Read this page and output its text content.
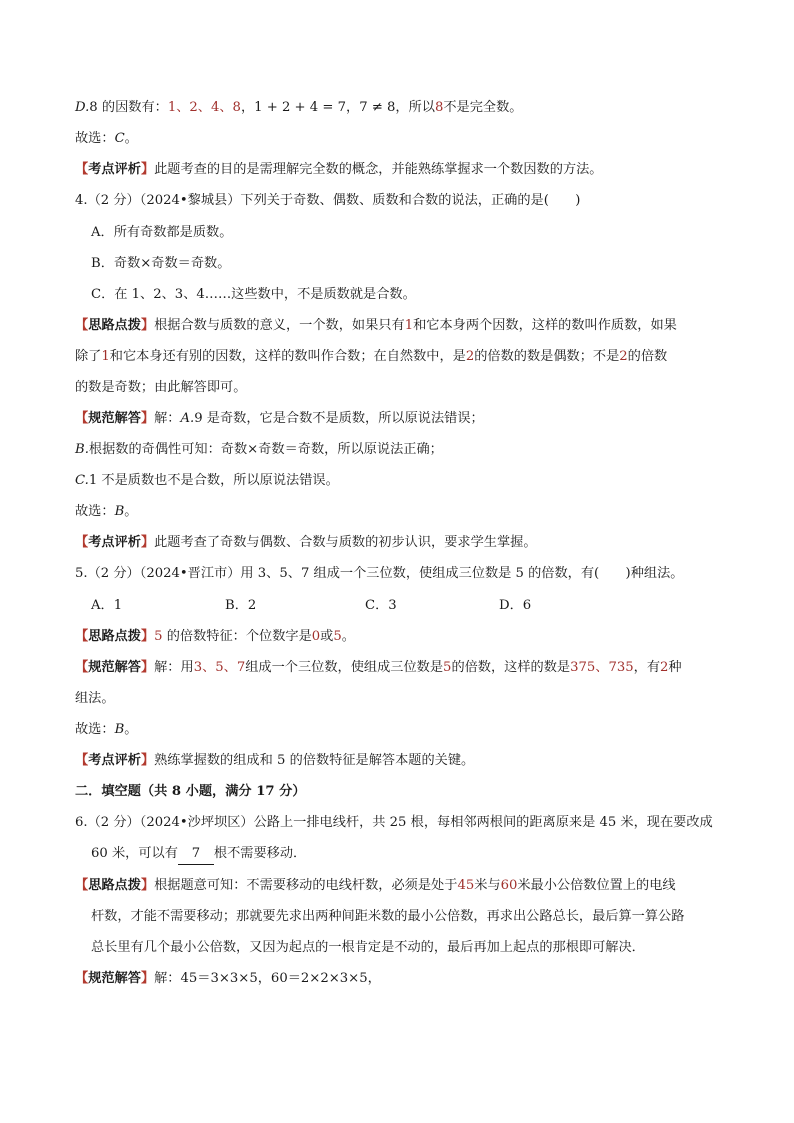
D.8 的因数有：1、2、4、8，1 + 2 + 4 = 7，7 ≠ 8，所以8不是完全数。

故选：C。

【考点评析】此题考查的目的是需理解完全数的概念，并能熟练掌握求一个数因数的方法。

4.（2 分）（2024•黎城县）下列关于奇数、偶数、质数和合数的说法，正确的是(　　)

A．所有奇数都是质数。

B．奇数×奇数＝奇数。

C．在 1、2、3、4……这些数中，不是质数就是合数。

【思路点拨】根据合数与质数的意义，一个数，如果只有1和它本身两个因数，这样的数叫作质数，如果

除了1和它本身还有别的因数，这样的数叫作合数；在自然数中，是2的倍数的数是偶数；不是2的倍数

的数是奇数；由此解答即可。

【规范解答】解：A.9 是奇数，它是合数不是质数，所以原说法错误；

B.根据数的奇偶性可知：奇数×奇数＝奇数，所以原说法正确；

C.1 不是质数也不是合数，所以原说法错误。

故选：B。

【考点评析】此题考查了奇数与偶数、合数与质数的初步认识，要求学生掌握。

5.（2 分）（2024•晋江市）用 3、5、7 组成一个三位数，使组成三位数是 5 的倍数，有(　　)种组法。

A．1	B．2	C．3	D．6

【思路点拨】5 的倍数特征：个位数字是0或5。

【规范解答】解：用3、5、7组成一个三位数，使组成三位数是5的倍数，这样的数是375、735，有2种

组法。

故选：B。

【考点评析】熟练掌握数的组成和 5 的倍数特征是解答本题的关键。

二．填空题（共 8 小题，满分 17 分）

6.（2 分）（2024•沙坪坝区）公路上一排电线杆，共 25 根，每相邻两根间的距离原来是 45 米，现在要改成

60 米，可以有 7 根不需要移动．

【思路点拨】根据题意可知：不需要移动的电线杆数，必须是处于45米与60米最小公倍数位置上的电线

杆数，才能不需要移动；那就要先求出两种间距米数的最小公倍数，再求出公路总长，最后算一算公路

总长里有几个最小公倍数，又因为起点的一根肯定是不动的，最后再加上起点的那根即可解决．

【规范解答】解：45＝3×3×5，60＝2×2×3×5，
